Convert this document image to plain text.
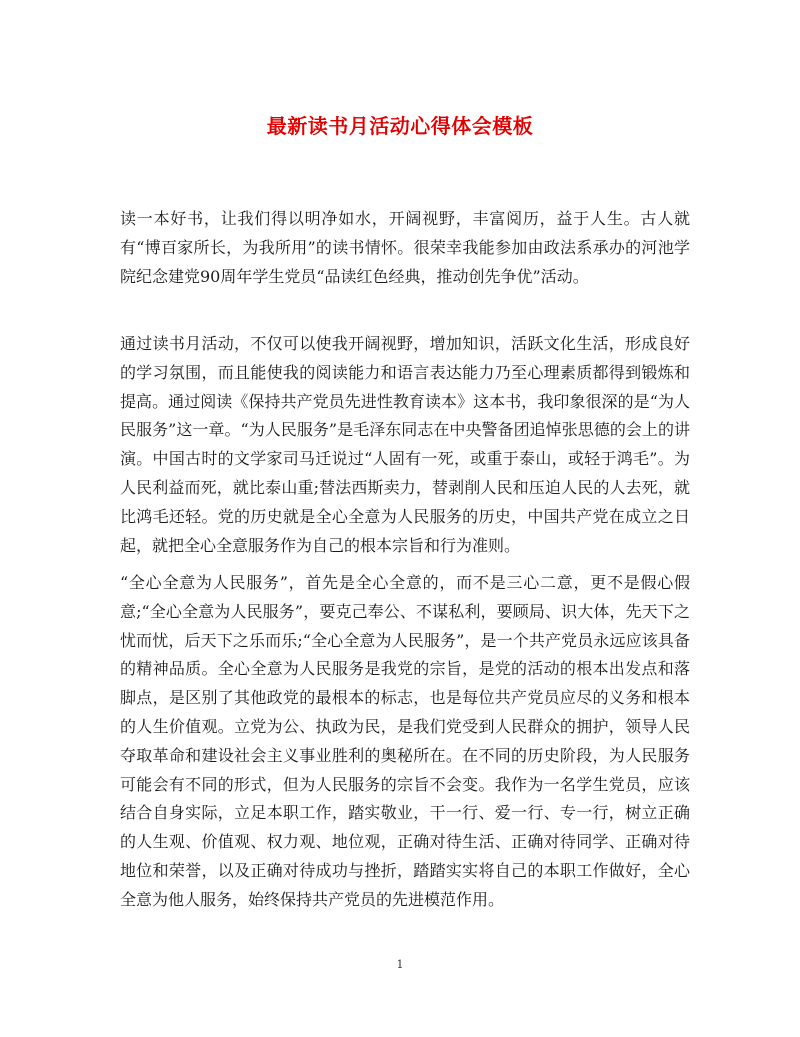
最新读书月活动心得体会模板

读一本好书，让我们得以明净如水，开阔视野，丰富阅历，益于人生。古人就有“博百家所长，为我所用”的读书情怀。很荣幸我能参加由政法系承办的河池学院纪念建党90周年学生党员“品读红色经典，推动创先争优”活动。

通过读书月活动，不仅可以使我开阔视野，增加知识，活跃文化生活，形成良好的学习氛围，而且能使我的阅读能力和语言表达能力乃至心理素质都得到锻炼和提高。通过阅读《保持共产党员先进性教育读本》这本书，我印象很深的是“为人民服务”这一章。“为人民服务”是毛泽东同志在中央警备团追悼张思德的会上的讲演。中国古时的文学家司马迁说过“人固有一死，或重于泰山，或轻于鸿毛”。为人民利益而死，就比泰山重;替法西斯卖力，替剥削人民和压迫人民的人去死，就比鸿毛还轻。党的历史就是全心全意为人民服务的历史，中国共产党在成立之日起，就把全心全意服务作为自己的根本宗旨和行为准则。

“全心全意为人民服务”，首先是全心全意的，而不是三心二意，更不是假心假意;“全心全意为人民服务”，要克己奉公、不谋私利，要顾局、识大体，先天下之忧而忧，后天下之乐而乐;“全心全意为人民服务”，是一个共产党员永远应该具备的精神品质。全心全意为人民服务是我党的宗旨，是党的活动的根本出发点和落脚点，是区别了其他政党的最根本的标志，也是每位共产党员应尽的义务和根本的人生价值观。立党为公、执政为民，是我们党受到人民群众的拥护，领导人民夺取革命和建设社会主义事业胜利的奥秘所在。在不同的历史阶段，为人民服务可能会有不同的形式，但为人民服务的宗旨不会变。我作为一名学生党员，应该结合自身实际，立足本职工作，踏实敬业，干一行、爱一行、专一行，树立正确的人生观、价值观、权力观、地位观，正确对待生活、正确对待同学、正确对待地位和荣誉，以及正确对待成功与挫折，踏踏实实将自己的本职工作做好，全心全意为他人服务，始终保持共产党员的先进模范作用。

1
